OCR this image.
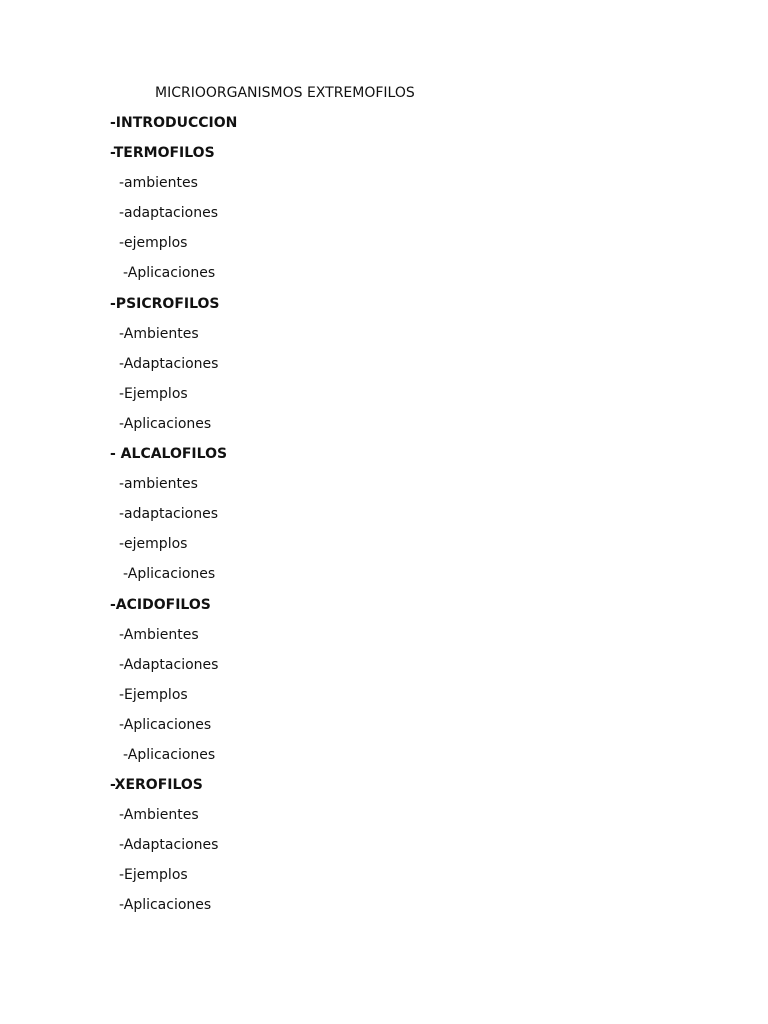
MICRIOORGANISMOS EXTREMOFILOS
-INTRODUCCION
-TERMOFILOS
-ambientes
-adaptaciones
-ejemplos
-Aplicaciones
-PSICROFILOS
-Ambientes
-Adaptaciones
-Ejemplos
-Aplicaciones
- ALCALOFILOS
-ambientes
-adaptaciones
-ejemplos
-Aplicaciones
-ACIDOFILOS
-Ambientes
-Adaptaciones
-Ejemplos
-Aplicaciones
-Aplicaciones
-XEROFILOS
-Ambientes
-Adaptaciones
-Ejemplos
-Aplicaciones
